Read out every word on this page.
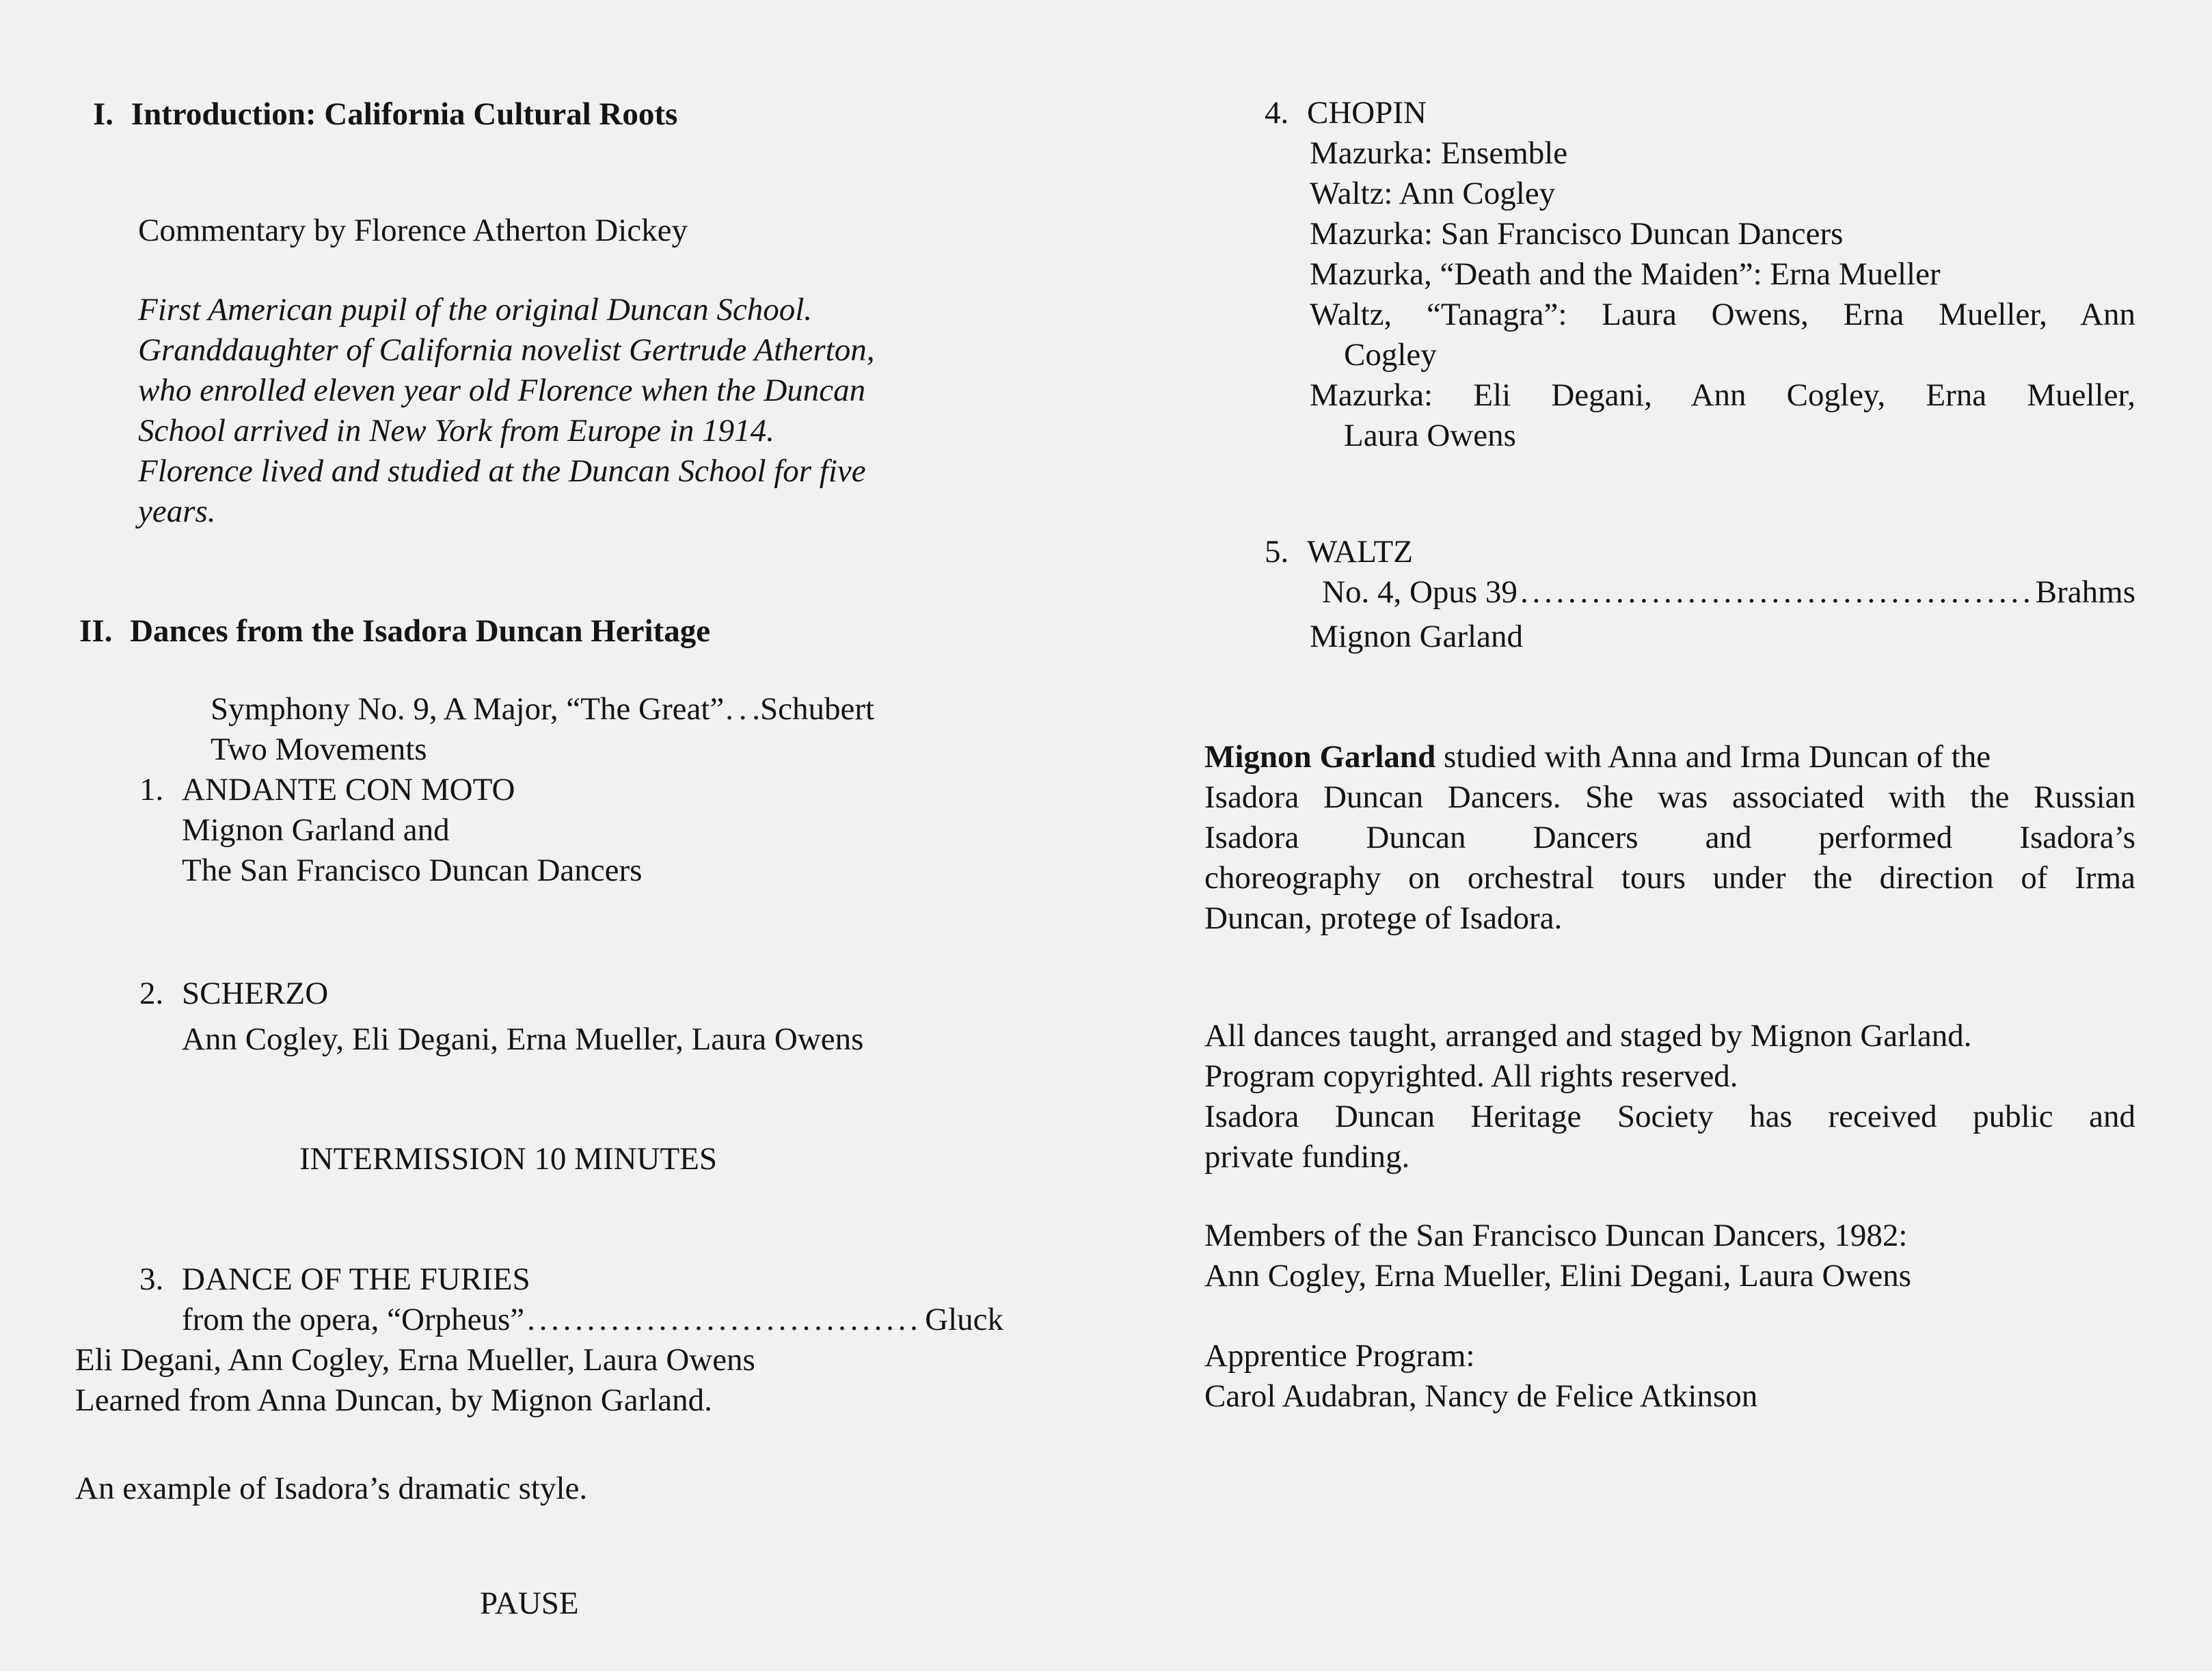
I. Introduction: California Cultural Roots
Commentary by Florence Atherton Dickey
First American pupil of the original Duncan School.
Granddaughter of California novelist Gertrude Atherton,
who enrolled eleven year old Florence when the Duncan
School arrived in New York from Europe in 1914.
Florence lived and studied at the Duncan School for five
years.
II. Dances from the Isadora Duncan Heritage
Symphony No. 9, A Major, “The Great” . . . Schubert
Two Movements
1. ANDANTE CON MOTO
Mignon Garland and
The San Francisco Duncan Dancers
2. SCHERZO
Ann Cogley, Eli Degani, Erna Mueller, Laura Owens
INTERMISSION 10 MINUTES
3. DANCE OF THE FURIES
from the opera, “Orpheus” . . .	Gluck
Eli Degani, Ann Cogley, Erna Mueller, Laura Owens
Learned from Anna Duncan, by Mignon Garland.
An example of Isadora’s dramatic style.
PAUSE
4. CHOPIN
Mazurka: Ensemble
Waltz: Ann Cogley
Mazurka: San Francisco Duncan Dancers
Mazurka, “Death and the Maiden”: Erna Mueller
Waltz, “Tanagra”: Laura Owens, Erna Mueller, Ann
Cogley
Mazurka: Eli Degani, Ann Cogley, Erna Mueller,
Laura Owens
5. WALTZ
No. 4, Opus 39 . . .	Brahms
Mignon Garland
Mignon Garland studied with Anna and Irma Duncan of the
Isadora Duncan Dancers. She was associated with the Russian
Isadora Duncan Dancers and performed Isadora’s
choreography on orchestral tours under the direction of Irma
Duncan, protege of Isadora.
All dances taught, arranged and staged by Mignon Garland.
Program copyrighted. All rights reserved.
Isadora Duncan Heritage Society has received public and
private funding.
Members of the San Francisco Duncan Dancers, 1982:
Ann Cogley, Erna Mueller, Elini Degani, Laura Owens
Apprentice Program:
Carol Audabran, Nancy de Felice Atkinson
